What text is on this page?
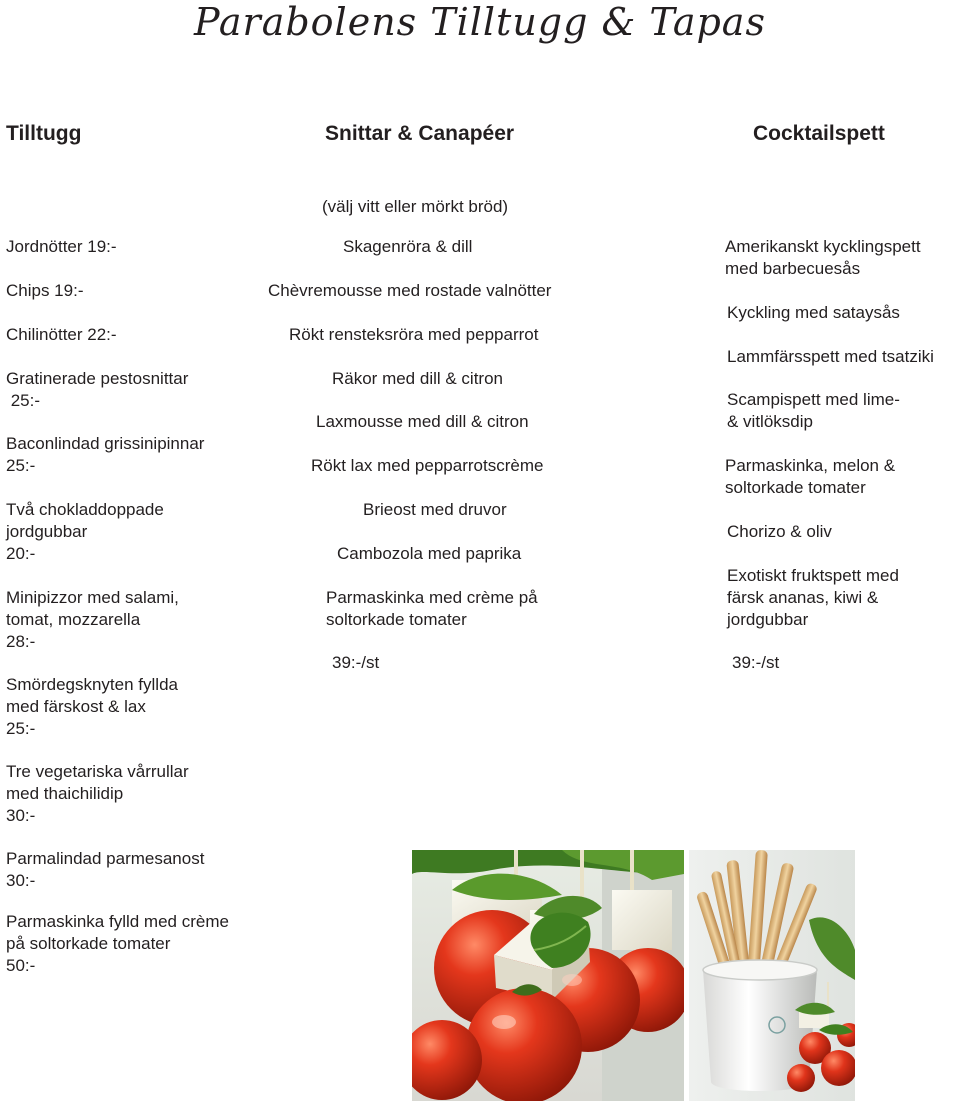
Parabolens Tilltugg & Tapas
Tilltugg	Snittar & Canapéer	Cocktailspett
(välj vitt eller mörkt bröd)
Jordnötter 19:-
Chips 19:-
Chilinötter 22:-
Gratinerade pestosnittar
25:-
Baconlindad grissinipinnar
25:-
Två chokladdoppade
jordgubbar
20:-
Minipizzor med salami,
tomat, mozzarella
28:-
Smördegsknyten fyllda
med färskost & lax
25:-
Tre vegetariska vårrullar
med thaichilidip
30:-
Parmalindad parmesanost
30:-
Parmaskinka fylld med crème
på soltorkade tomater
50:-
Skagenröra & dill
Chèvremousse med rostade valnötter
Rökt rensteksröra med pepparrot
Räkor med dill & citron
Laxmousse med dill & citron
Rökt lax med pepparrotscrème
Brieost med druvor
Cambozola med paprika
Parmaskinka med crème på
soltorkade tomater
39:-/st
Amerikanskt kycklingspett
med barbecuesås
Kyckling med sataysås
Lammfärsspett med tsatziki
Scampispett med lime-
& vitlöksdip
Parmaskinka, melon &
soltorkade tomater
Chorizo & oliv
Exotiskt fruktspett med
färsk ananas, kiwi &
jordgubbar
39:-/st
